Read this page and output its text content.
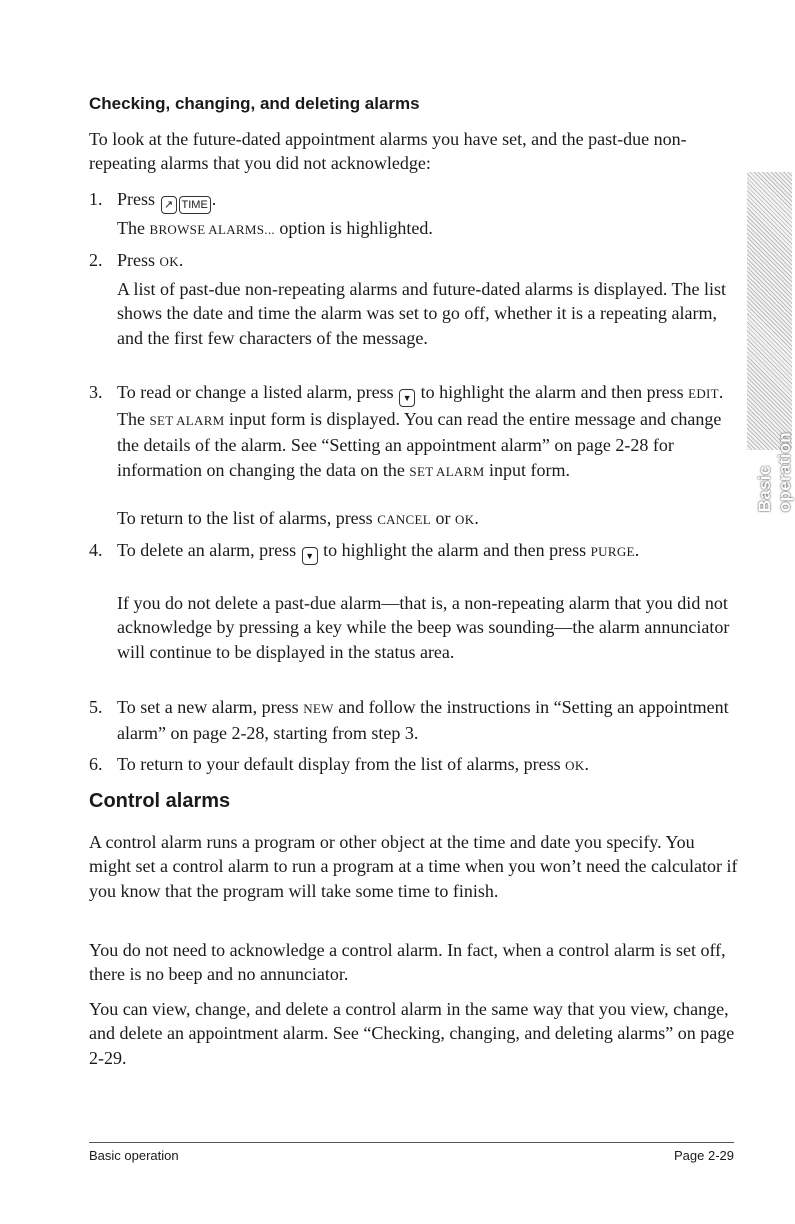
Checking, changing, and deleting alarms

To look at the future-dated appointment alarms you have set, and the past-due non-repeating alarms that you did not acknowledge:

1. Press ↗ TIME .

The BROWSE ALARMS... option is highlighted.

2. Press OK.

A list of past-due non-repeating alarms and future-dated alarms is displayed. The list shows the date and time the alarm was set to go off, whether it is a repeating alarm, and the first few characters of the message.

3. To read or change a listed alarm, press ▼ to highlight the alarm and then press EDIT. The SET ALARM input form is displayed. You can read the entire message and change the details of the alarm. See “Setting an appointment alarm” on page 2-28 for information on changing the data on the SET ALARM input form.

To return to the list of alarms, press CANCEL or OK.

4. To delete an alarm, press ▼ to highlight the alarm and then press PURGE.

If you do not delete a past-due alarm—that is, a non-repeating alarm that you did not acknowledge by pressing a key while the beep was sounding—the alarm annunciator will continue to be displayed in the status area.

5. To set a new alarm, press NEW and follow the instructions in “Setting an appointment alarm” on page 2-28, starting from step 3.
6. To return to your default display from the list of alarms, press OK.
Control alarms

A control alarm runs a program or other object at the time and date you specify. You might set a control alarm to run a program at a time when you won’t need the calculator if you know that the program will take some time to finish.

You do not need to acknowledge a control alarm. In fact, when a control alarm is set off, there is no beep and no annunciator.

You can view, change, and delete a control alarm in the same way that you view, change, and delete an appointment alarm. See “Checking, changing, and deleting alarms” on page 2-29.

Basic operation
Basic operation	Page 2-29
